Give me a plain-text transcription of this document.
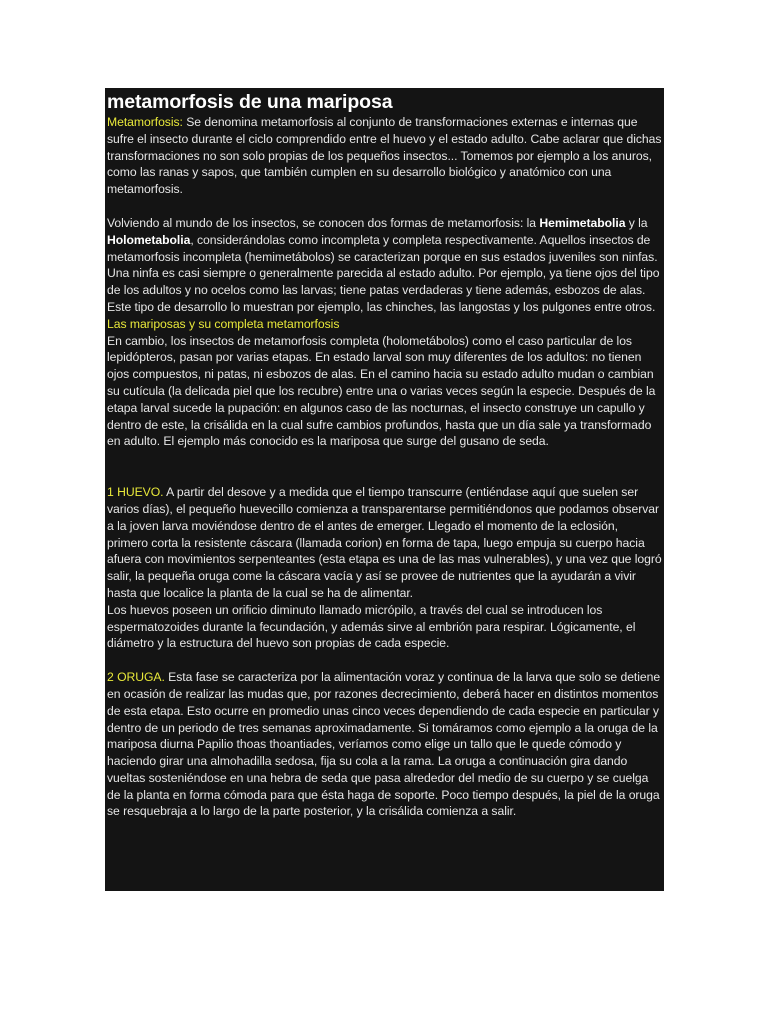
metamorfosis de una mariposa

Metamorfosis: Se denomina metamorfosis al conjunto de transformaciones externas e internas que sufre el insecto durante el ciclo comprendido entre el huevo y el estado adulto. Cabe aclarar que dichas transformaciones no son solo propias de los pequeños insectos... Tomemos por ejemplo a los anuros, como las ranas y sapos, que también cumplen en su desarrollo biológico y anatómico con una metamorfosis.

Volviendo al mundo de los insectos, se conocen dos formas de metamorfosis: la Hemimetabolia y la Holometabolia, considerándolas como incompleta y completa respectivamente. Aquellos insectos de metamorfosis incompleta (hemimetábolos) se caracterizan porque en sus estados juveniles son ninfas. Una ninfa es casi siempre o generalmente parecida al estado adulto. Por ejemplo, ya tiene ojos del tipo de los adultos y no ocelos como las larvas; tiene patas verdaderas y tiene además, esbozos de alas. Este tipo de desarrollo lo muestran por ejemplo, las chinches, las langostas y los pulgones entre otros.

Las mariposas y su completa metamorfosis

En cambio, los insectos de metamorfosis completa (holometábolos) como el caso particular de los lepidópteros, pasan por varias etapas. En estado larval son muy diferentes de los adultos: no tienen ojos compuestos, ni patas, ni esbozos de alas. En el camino hacia su estado adulto mudan o cambian su cutícula (la delicada piel que los recubre) entre una o varias veces según la especie. Después de la etapa larval sucede la pupación: en algunos caso de las nocturnas, el insecto construye un capullo y dentro de este, la crisálida en la cual sufre cambios profundos, hasta que un día sale ya transformado en adulto. El ejemplo más conocido es la mariposa que surge del gusano de seda.

1 HUEVO. A partir del desove y a medida que el tiempo transcurre (entiéndase aquí que suelen ser varios días), el pequeño huevecillo comienza a transparentarse permitiéndonos que podamos observar a la joven larva moviéndose dentro de el antes de emerger. Llegado el momento de la eclosión, primero corta la resistente cáscara (llamada corion) en forma de tapa, luego empuja su cuerpo hacia afuera con movimientos serpenteantes (esta etapa es una de las mas vulnerables), y una vez que logró salir, la pequeña oruga come la cáscara vacía y así se provee de nutrientes que la ayudarán a vivir hasta que localice la planta de la cual se ha de alimentar.

Los huevos poseen un orificio diminuto llamado micrópilo, a través del cual se introducen los espermatozoides durante la fecundación, y además sirve al embrión para respirar. Lógicamente, el diámetro y la estructura del huevo son propias de cada especie.

2 ORUGA. Esta fase se caracteriza por la alimentación voraz y continua de la larva que solo se detiene en ocasión de realizar las mudas que, por razones decrecimiento, deberá hacer en distintos momentos de esta etapa. Esto ocurre en promedio unas cinco veces dependiendo de cada especie en particular y dentro de un periodo de tres semanas aproximadamente. Si tomáramos como ejemplo a la oruga de la mariposa diurna Papilio thoas thoantiades, veríamos como elige un tallo que le quede cómodo y haciendo girar una almohadilla sedosa, fija su cola a la rama. La oruga a continuación gira dando vueltas sosteniéndose en una hebra de seda que pasa alrededor del medio de su cuerpo y se cuelga de la planta en forma cómoda para que ésta haga de soporte. Poco tiempo después, la piel de la oruga se resquebraja a lo largo de la parte posterior, y la crisálida comienza a salir.
